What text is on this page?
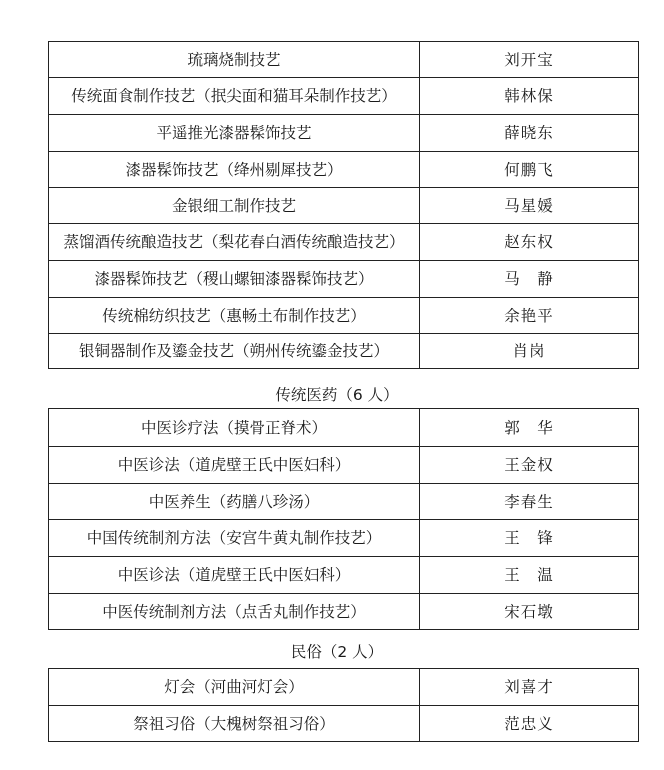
琉璃烧制技艺	刘开宝
传统面食制作技艺（抿尖面和猫耳朵制作技艺）	韩林保
平遥推光漆器髹饰技艺	薛晓东
漆器髹饰技艺（绛州剔犀技艺）	何鹏飞
金银细工制作技艺	马星媛
蒸馏酒传统酿造技艺（梨花春白酒传统酿造技艺）	赵东权
漆器髹饰技艺（稷山螺钿漆器髹饰技艺）	马　静
传统棉纺织技艺（惠畅土布制作技艺）	余艳平
银铜器制作及鎏金技艺（朔州传统鎏金技艺）	肖岗
传统医药（6 人）
中医诊疗法（摸骨正脊术）	郭　华
中医诊法（道虎壁王氏中医妇科）	王金权
中医养生（药膳八珍汤）	李春生
中国传统制剂方法（安宫牛黄丸制作技艺）	王　锋
中医诊法（道虎壁王氏中医妇科）	王　温
中医传统制剂方法（点舌丸制作技艺）	宋石墩
民俗（2 人）
灯会（河曲河灯会）	刘喜才
祭祖习俗（大槐树祭祖习俗）	范忠义
